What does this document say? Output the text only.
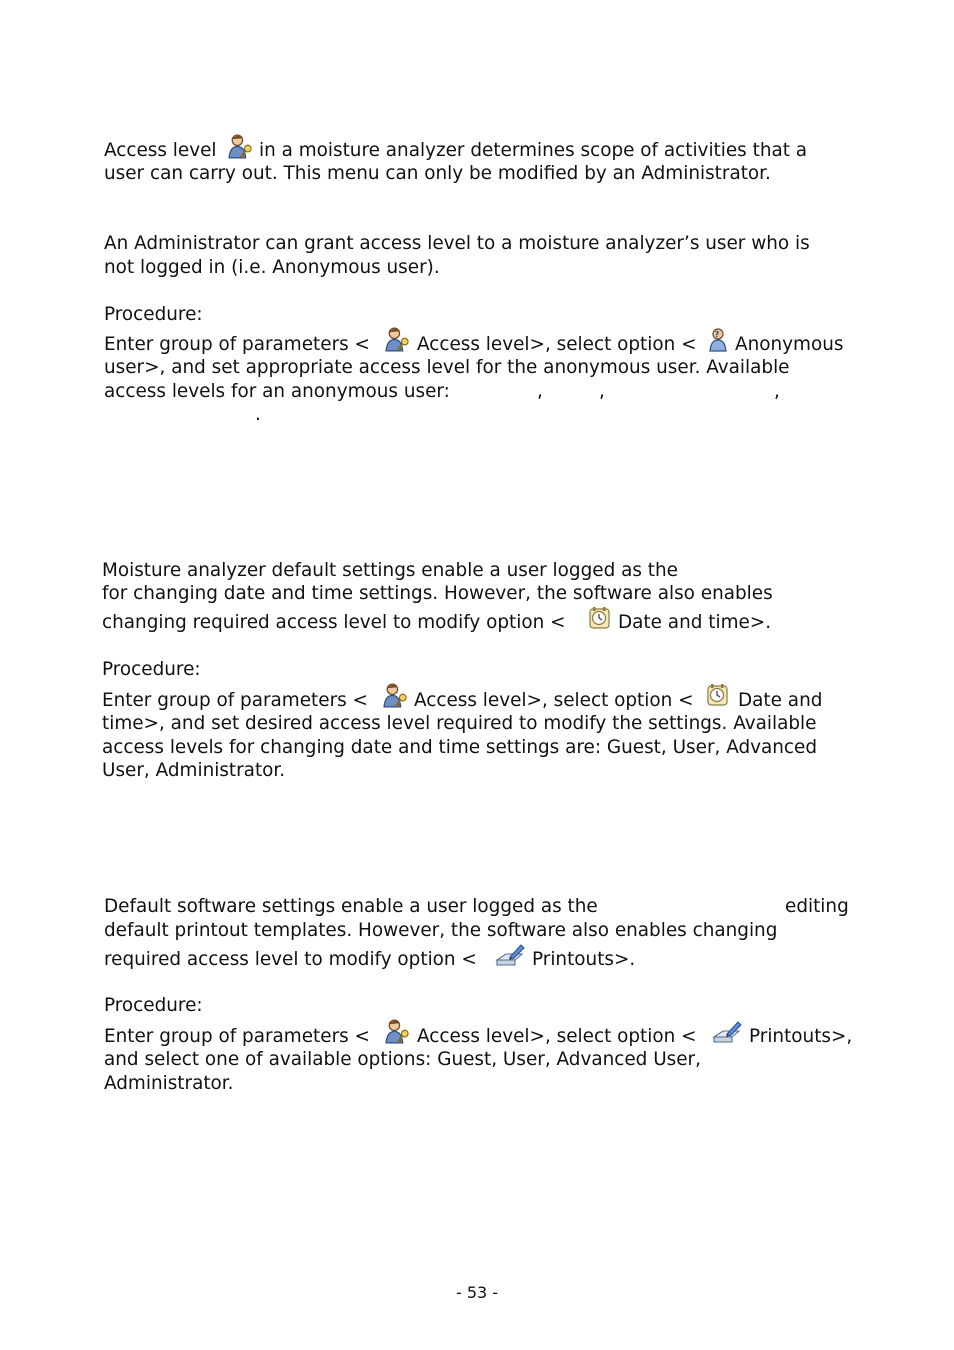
Access level in a moisture analyzer determines scope of activities that a
user can carry out. This menu can only be modified by an Administrator.
An Administrator can grant access level to a moisture analyzer’s user who is
not logged in (i.e. Anonymous user).
Procedure:
Enter group of parameters <	Access level>, select option < Anonymous
user>, and set appropriate access level for the anonymous user. Available
access levels for an anonymous user:	,	,	,
.
Moisture analyzer default settings enable a user logged as the
for changing date and time settings. However, the software also enables
changing required access level to modify option <	Date and time>.
Procedure:
Enter group of parameters <	Access level>, select option < Date and
time>, and set desired access level required to modify the settings. Available
access levels for changing date and time settings are: Guest, User, Advanced
User, Administrator.
Default software settings enable a user logged as the	editing
default printout templates. However, the software also enables changing
required access level to modify option <	Printouts>.
Procedure:
Enter group of parameters <	Access level>, select option <	Printouts>,
and select one of available options: Guest, User, Advanced User,
Administrator.
- 53 -
